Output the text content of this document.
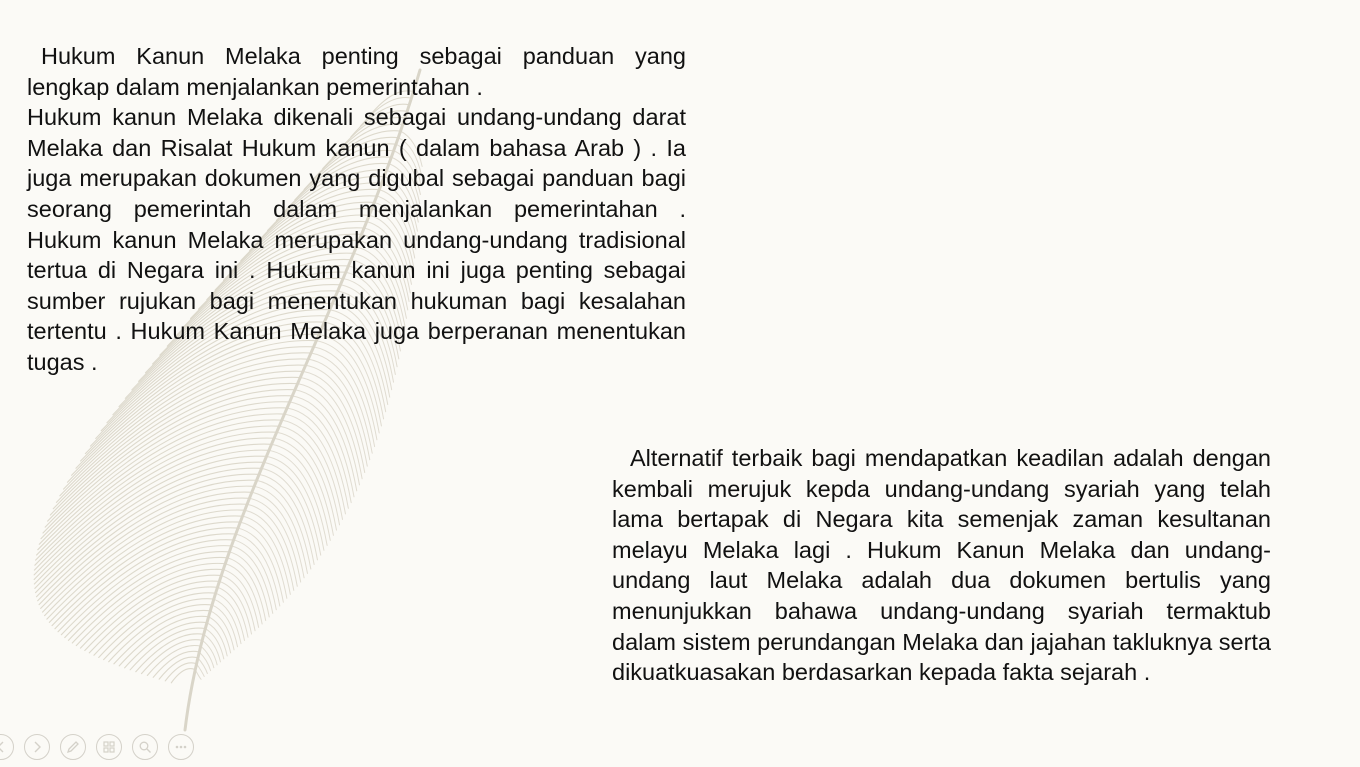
Hukum Kanun Melaka penting sebagai panduan yang lengkap dalam menjalankan pemerintahan .

Hukum kanun Melaka dikenali sebagai undang-undang darat Melaka dan Risalat Hukum kanun ( dalam bahasa Arab ) . Ia juga merupakan dokumen yang digubal sebagai panduan bagi seorang pemerintah dalam menjalankan pemerintahan . Hukum kanun Melaka merupakan undang-undang tradisional tertua di Negara ini . Hukum kanun ini juga penting sebagai sumber rujukan bagi menentukan hukuman bagi kesalahan tertentu . Hukum Kanun Melaka juga berperanan menentukan tugas .

Alternatif terbaik bagi mendapatkan keadilan adalah dengan kembali merujuk kepda undang-undang syariah yang telah lama bertapak di Negara kita semenjak zaman kesultanan melayu Melaka lagi . Hukum Kanun Melaka dan undang-undang laut Melaka adalah dua dokumen bertulis yang menunjukkan bahawa undang-undang syariah termaktub dalam sistem perundangan Melaka dan jajahan takluknya serta dikuatkuasakan berdasarkan kepada fakta sejarah .
